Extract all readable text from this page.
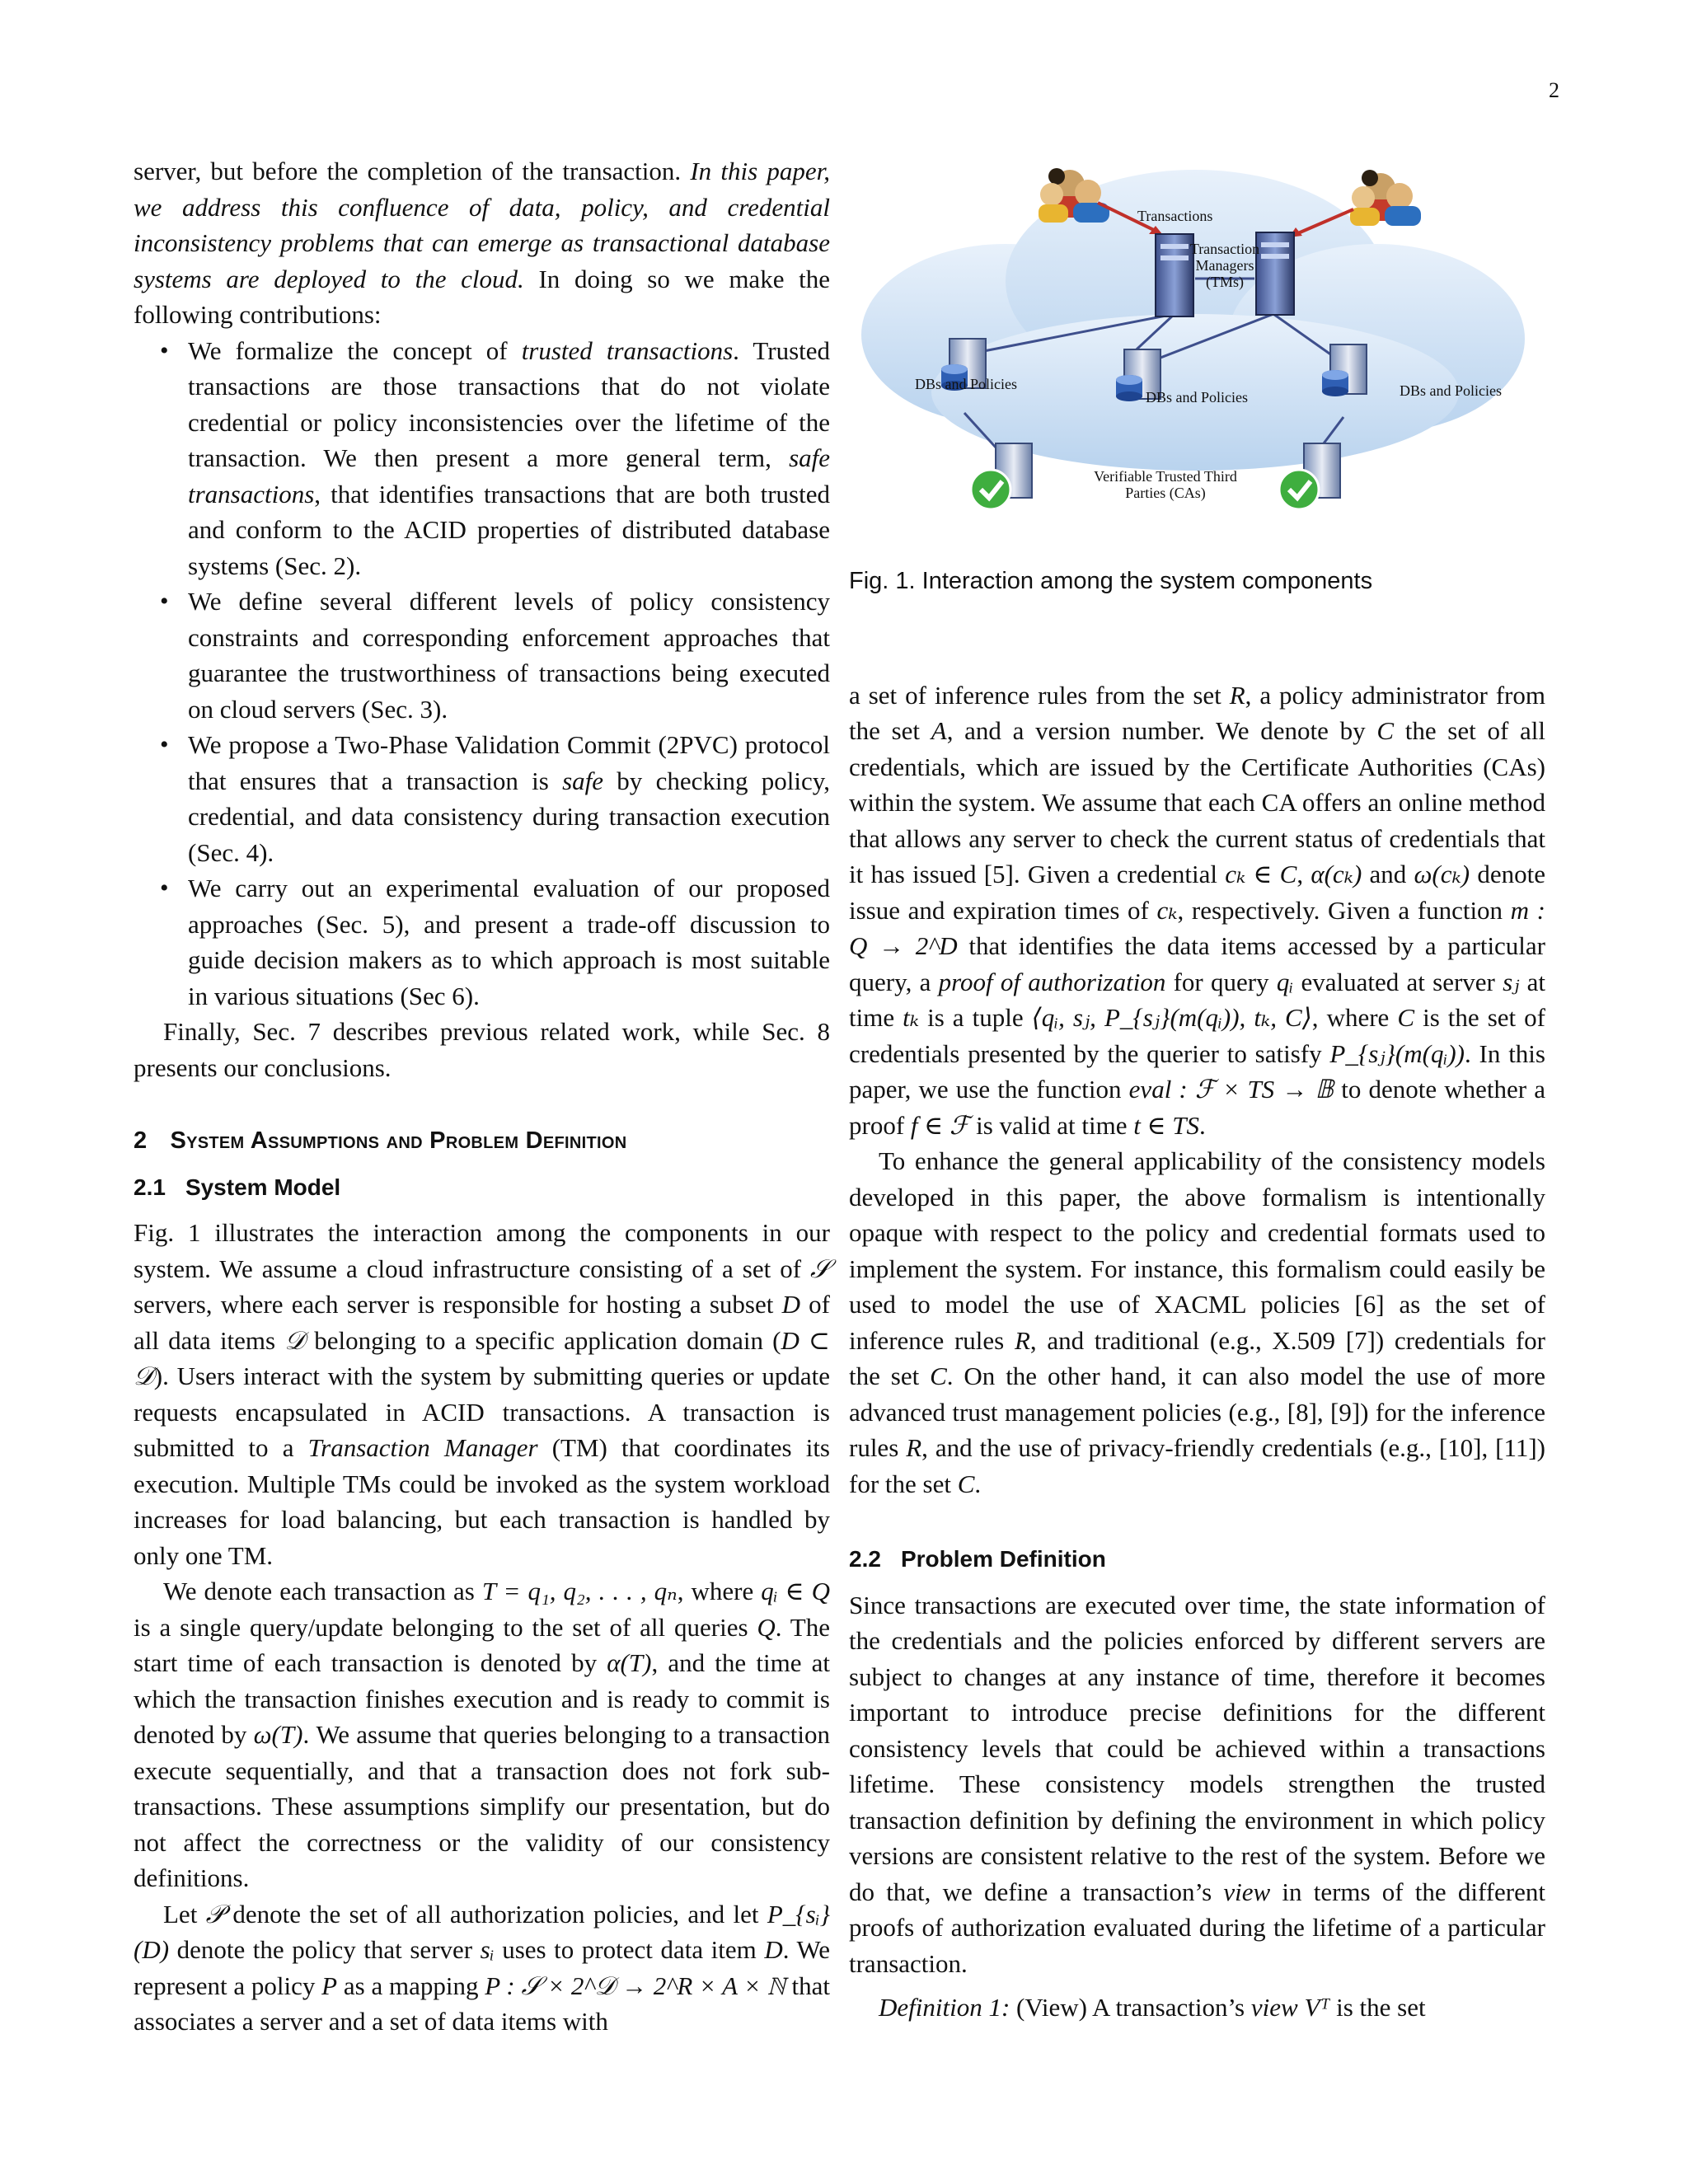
2

server, but before the completion of the transaction. In this paper, we address this confluence of data, policy, and credential inconsistency problems that can emerge as transactional database systems are deployed to the cloud. In doing so we make the following contributions:

• We formalize the concept of trusted transactions. Trusted transactions are those transactions that do not violate credential or policy inconsistencies over the lifetime of the transaction. We then present a more general term, safe transactions, that identifies transactions that are both trusted and conform to the ACID properties of distributed database systems (Sec. 2).
• We define several different levels of policy consistency constraints and corresponding enforcement approaches that guarantee the trustworthiness of transactions being executed on cloud servers (Sec. 3).
• We propose a Two-Phase Validation Commit (2PVC) protocol that ensures that a transaction is safe by checking policy, credential, and data consistency during transaction execution (Sec. 4).
• We carry out an experimental evaluation of our proposed approaches (Sec. 5), and present a trade-off discussion to guide decision makers as to which approach is most suitable in various situations (Sec 6).

Finally, Sec. 7 describes previous related work, while Sec. 8 presents our conclusions.

2 System Assumptions and Problem Definition
2.1 System Model

Fig. 1 illustrates the interaction among the components in our system. We assume a cloud infrastructure consisting of a set of 𝒮 servers, where each server is responsible for hosting a subset D of all data items 𝒟 belonging to a specific application domain (D ⊂ 𝒟). Users interact with the system by submitting queries or update requests encapsulated in ACID transactions. A transaction is submitted to a Transaction Manager (TM) that coordinates its execution. Multiple TMs could be invoked as the system workload increases for load balancing, but each transaction is handled by only one TM.

We denote each transaction as T = q₁, q₂, . . . , qₙ, where qᵢ ∈ Q is a single query/update belonging to the set of all queries Q. The start time of each transaction is denoted by α(T), and the time at which the transaction finishes execution and is ready to commit is denoted by ω(T). We assume that queries belonging to a transaction execute sequentially, and that a transaction does not fork sub-transactions. These assumptions simplify our presentation, but do not affect the correctness or the validity of our consistency definitions.

Let 𝒫 denote the set of all authorization policies, and let P_{sᵢ}(D) denote the policy that server sᵢ uses to protect data item D. We represent a policy P as a mapping P : 𝒮 × 2^𝒟 → 2^R × A × ℕ that associates a server and a set of data items with

Transactions
Transaction
Managers
(TMs)
DBs and Policies
DBs and Policies	DBs and Policies
Verifiable Trusted Third
Parties (CAs)
Fig. 1. Interaction among the system components

a set of inference rules from the set R, a policy administrator from the set A, and a version number. We denote by C the set of all credentials, which are issued by the Certificate Authorities (CAs) within the system. We assume that each CA offers an online method that allows any server to check the current status of credentials that it has issued [5]. Given a credential cₖ ∈ C, α(cₖ) and ω(cₖ) denote issue and expiration times of cₖ, respectively. Given a function m : Q → 2^D that identifies the data items accessed by a particular query, a proof of authorization for query qᵢ evaluated at server sⱼ at time tₖ is a tuple ⟨qᵢ, sⱼ, P_{sⱼ}(m(qᵢ)), tₖ, C⟩, where C is the set of credentials presented by the querier to satisfy P_{sⱼ}(m(qᵢ)). In this paper, we use the function eval : ℱ × TS → 𝔹 to denote whether a proof f ∈ ℱ is valid at time t ∈ TS.

To enhance the general applicability of the consistency models developed in this paper, the above formalism is intentionally opaque with respect to the policy and credential formats used to implement the system. For instance, this formalism could easily be used to model the use of XACML policies [6] as the set of inference rules R, and traditional (e.g., X.509 [7]) credentials for the set C. On the other hand, it can also model the use of more advanced trust management policies (e.g., [8], [9]) for the inference rules R, and the use of privacy-friendly credentials (e.g., [10], [11]) for the set C.

2.2 Problem Definition

Since transactions are executed over time, the state information of the credentials and the policies enforced by different servers are subject to changes at any instance of time, therefore it becomes important to introduce precise definitions for the different consistency levels that could be achieved within a transactions lifetime. These consistency models strengthen the trusted transaction definition by defining the environment in which policy versions are consistent relative to the rest of the system. Before we do that, we define a transaction’s view in terms of the different proofs of authorization evaluated during the lifetime of a particular transaction.

Definition 1: (View) A transaction’s view Vᵀ is the set
